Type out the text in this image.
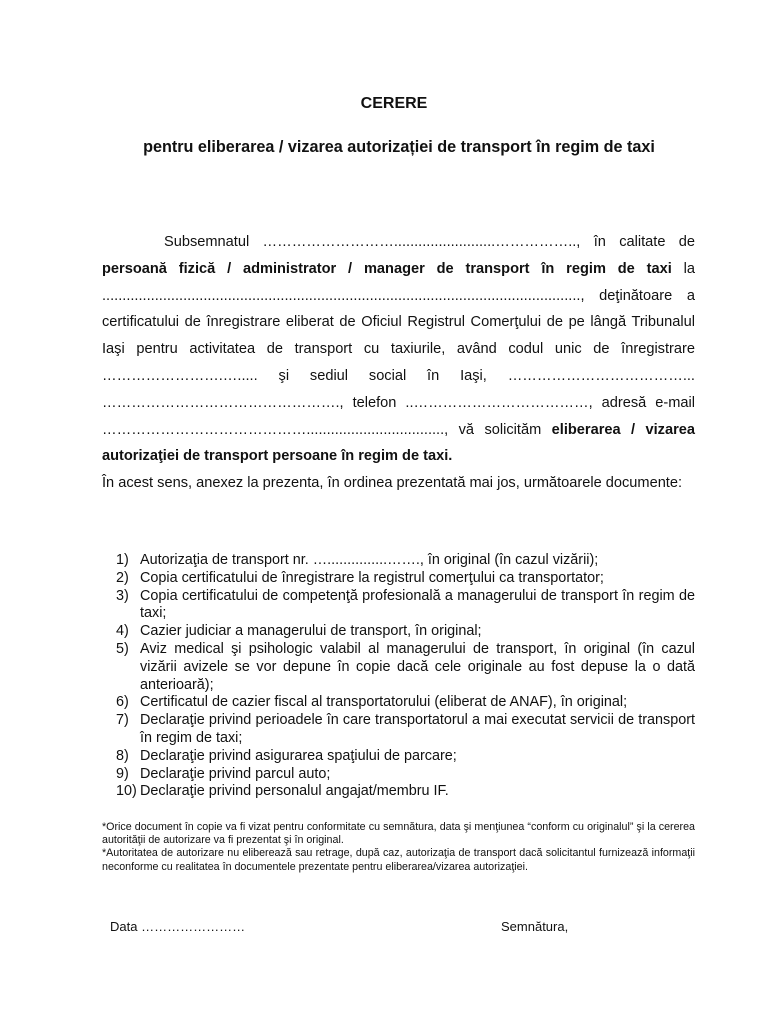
CERERE
pentru eliberarea / vizarea autorizației de transport în regim de taxi

Subsemnatul ……………………….........................…………….., în calitate de persoană fizică / administrator / manager de transport în regim de taxi la ......................................................................................................................, deţinătoare a certificatului de înregistrare eliberat de Oficiul Registrul Comerţului de pe lângă Tribunalul Iaşi pentru activitatea de transport cu taxiurile, având codul unic de înregistrare …………………….…..... şi sediul social în Iaşi, ………………………………... …………………………………………., telefon ..………………………………, adresă e-mail …………………………………….................................., vă solicităm eliberarea / vizarea autorizaţiei de transport persoane în regim de taxi.

În acest sens, anexez la prezenta, în ordinea prezentată mai jos, următoarele documente:

1) Autorizaţia de transport nr. …...............……., în original (în cazul vizării);
2) Copia certificatului de înregistrare la registrul comerţului ca transportator;
3) Copia certificatului de competenţă profesională a managerului de transport în regim de taxi;
4) Cazier judiciar a managerului de transport, în original;
5) Aviz medical şi psihologic valabil al managerului de transport, în original (în cazul vizării avizele se vor depune în copie dacă cele originale au fost depuse la o dată anterioară);
6) Certificatul de cazier fiscal al transportatorului (eliberat de ANAF), în original;
7) Declaraţie privind perioadele în care transportatorul a mai executat servicii de transport în regim de taxi;
8) Declaraţie privind asigurarea spaţiului de parcare;
9) Declaraţie privind parcul auto;
10) Declaraţie privind personalul angajat/membru IF.

*Orice document în copie va fi vizat pentru conformitate cu semnătura, data şi menţiunea “conform cu originalul” şi la cererea autorităţii de autorizare va fi prezentat şi în original.

*Autoritatea de autorizare nu eliberează sau retrage, după caz, autorizaţia de transport dacă solicitantul furnizează informaţii neconforme cu realitatea în documentele prezentate pentru eliberarea/vizarea autorizaţiei.

Data ……………………	Semnătura,
